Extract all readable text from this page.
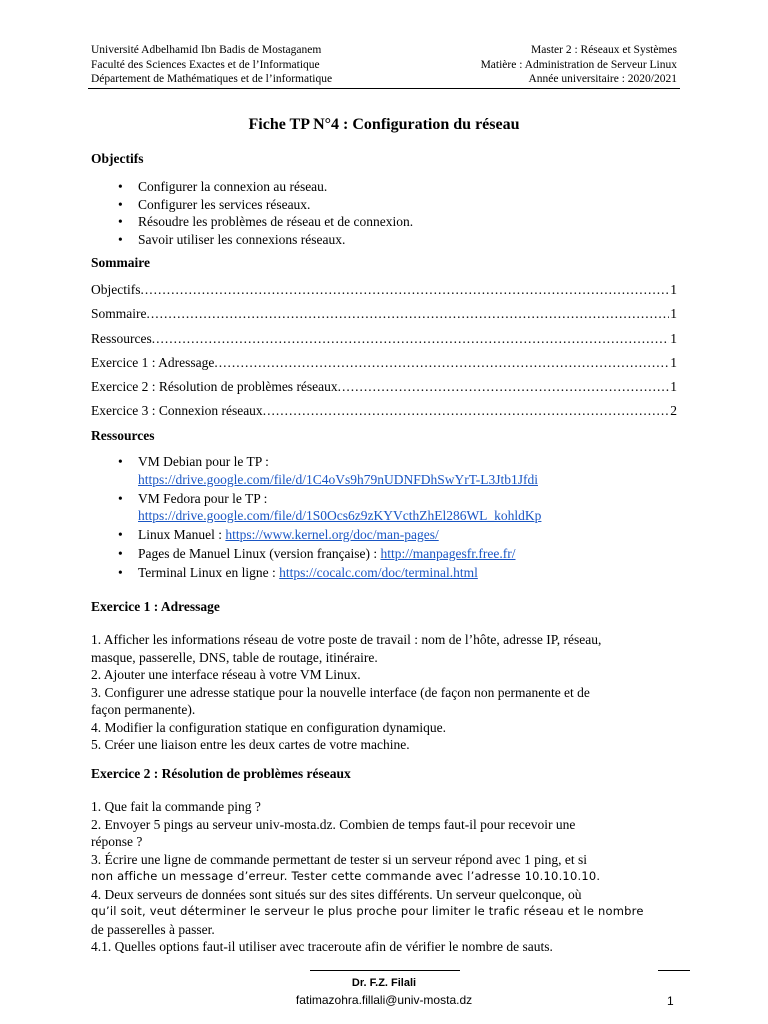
Université Adbelhamid Ibn Badis de Mostaganem
Faculté des Sciences Exactes et de l’Informatique
Département de Mathématiques et de l’informatique
Master 2 : Réseaux et Systèmes
Matière : Administration de Serveur Linux
Année universitaire : 2020/2021
Fiche TP N°4 : Configuration du réseau
Objectifs
• Configurer la connexion au réseau.
• Configurer les services réseaux.
• Résoudre les problèmes de réseau et de connexion.
• Savoir utiliser les connexions réseaux.
Sommaire
Objectifs .....	1
Sommaire .....	1
Ressources .....	1
Exercice 1 : Adressage .....	1
Exercice 2 : Résolution de problèmes réseaux .....	1
Exercice 3 : Connexion réseaux .....	2
Ressources
• VM Debian pour le TP :
https://drive.google.com/file/d/1C4oVs9h79nUDNFDhSwYrT-L3Jtb1Jfdi
• VM Fedora pour le TP :
https://drive.google.com/file/d/1S0Ocs6z9zKYVcthZhEl286WL_kohldKp
• Linux Manuel : https://www.kernel.org/doc/man-pages/
• Pages de Manuel Linux (version française) : http://manpagesfr.free.fr/
• Terminal Linux en ligne : https://cocalc.com/doc/terminal.html
Exercice 1 : Adressage

1. Afficher les informations réseau de votre poste de travail : nom de l’hôte, adresse IP, réseau,

masque, passerelle, DNS, table de routage, itinéraire.

2. Ajouter une interface réseau à votre VM Linux.

3. Configurer une adresse statique pour la nouvelle interface (de façon non permanente et de

façon permanente).

4. Modifier la configuration statique en configuration dynamique.

5. Créer une liaison entre les deux cartes de votre machine.

Exercice 2 : Résolution de problèmes réseaux

1. Que fait la commande ping ?

2. Envoyer 5 pings au serveur univ-mosta.dz. Combien de temps faut-il pour recevoir une

réponse ?

3. Écrire une ligne de commande permettant de tester si un serveur répond avec 1 ping, et si

non affiche un message d’erreur. Tester cette commande avec l’adresse 10.10.10.10.

4. Deux serveurs de données sont situés sur des sites différents. Un serveur quelconque, où

qu’il soit, veut déterminer le serveur le plus proche pour limiter le trafic réseau et le nombre

de passerelles à passer.

4.1. Quelles options faut-il utiliser avec traceroute afin de vérifier le nombre de sauts.

Dr. F.Z. Filali
fatimazohra.fillali@univ-mosta.dz	1
